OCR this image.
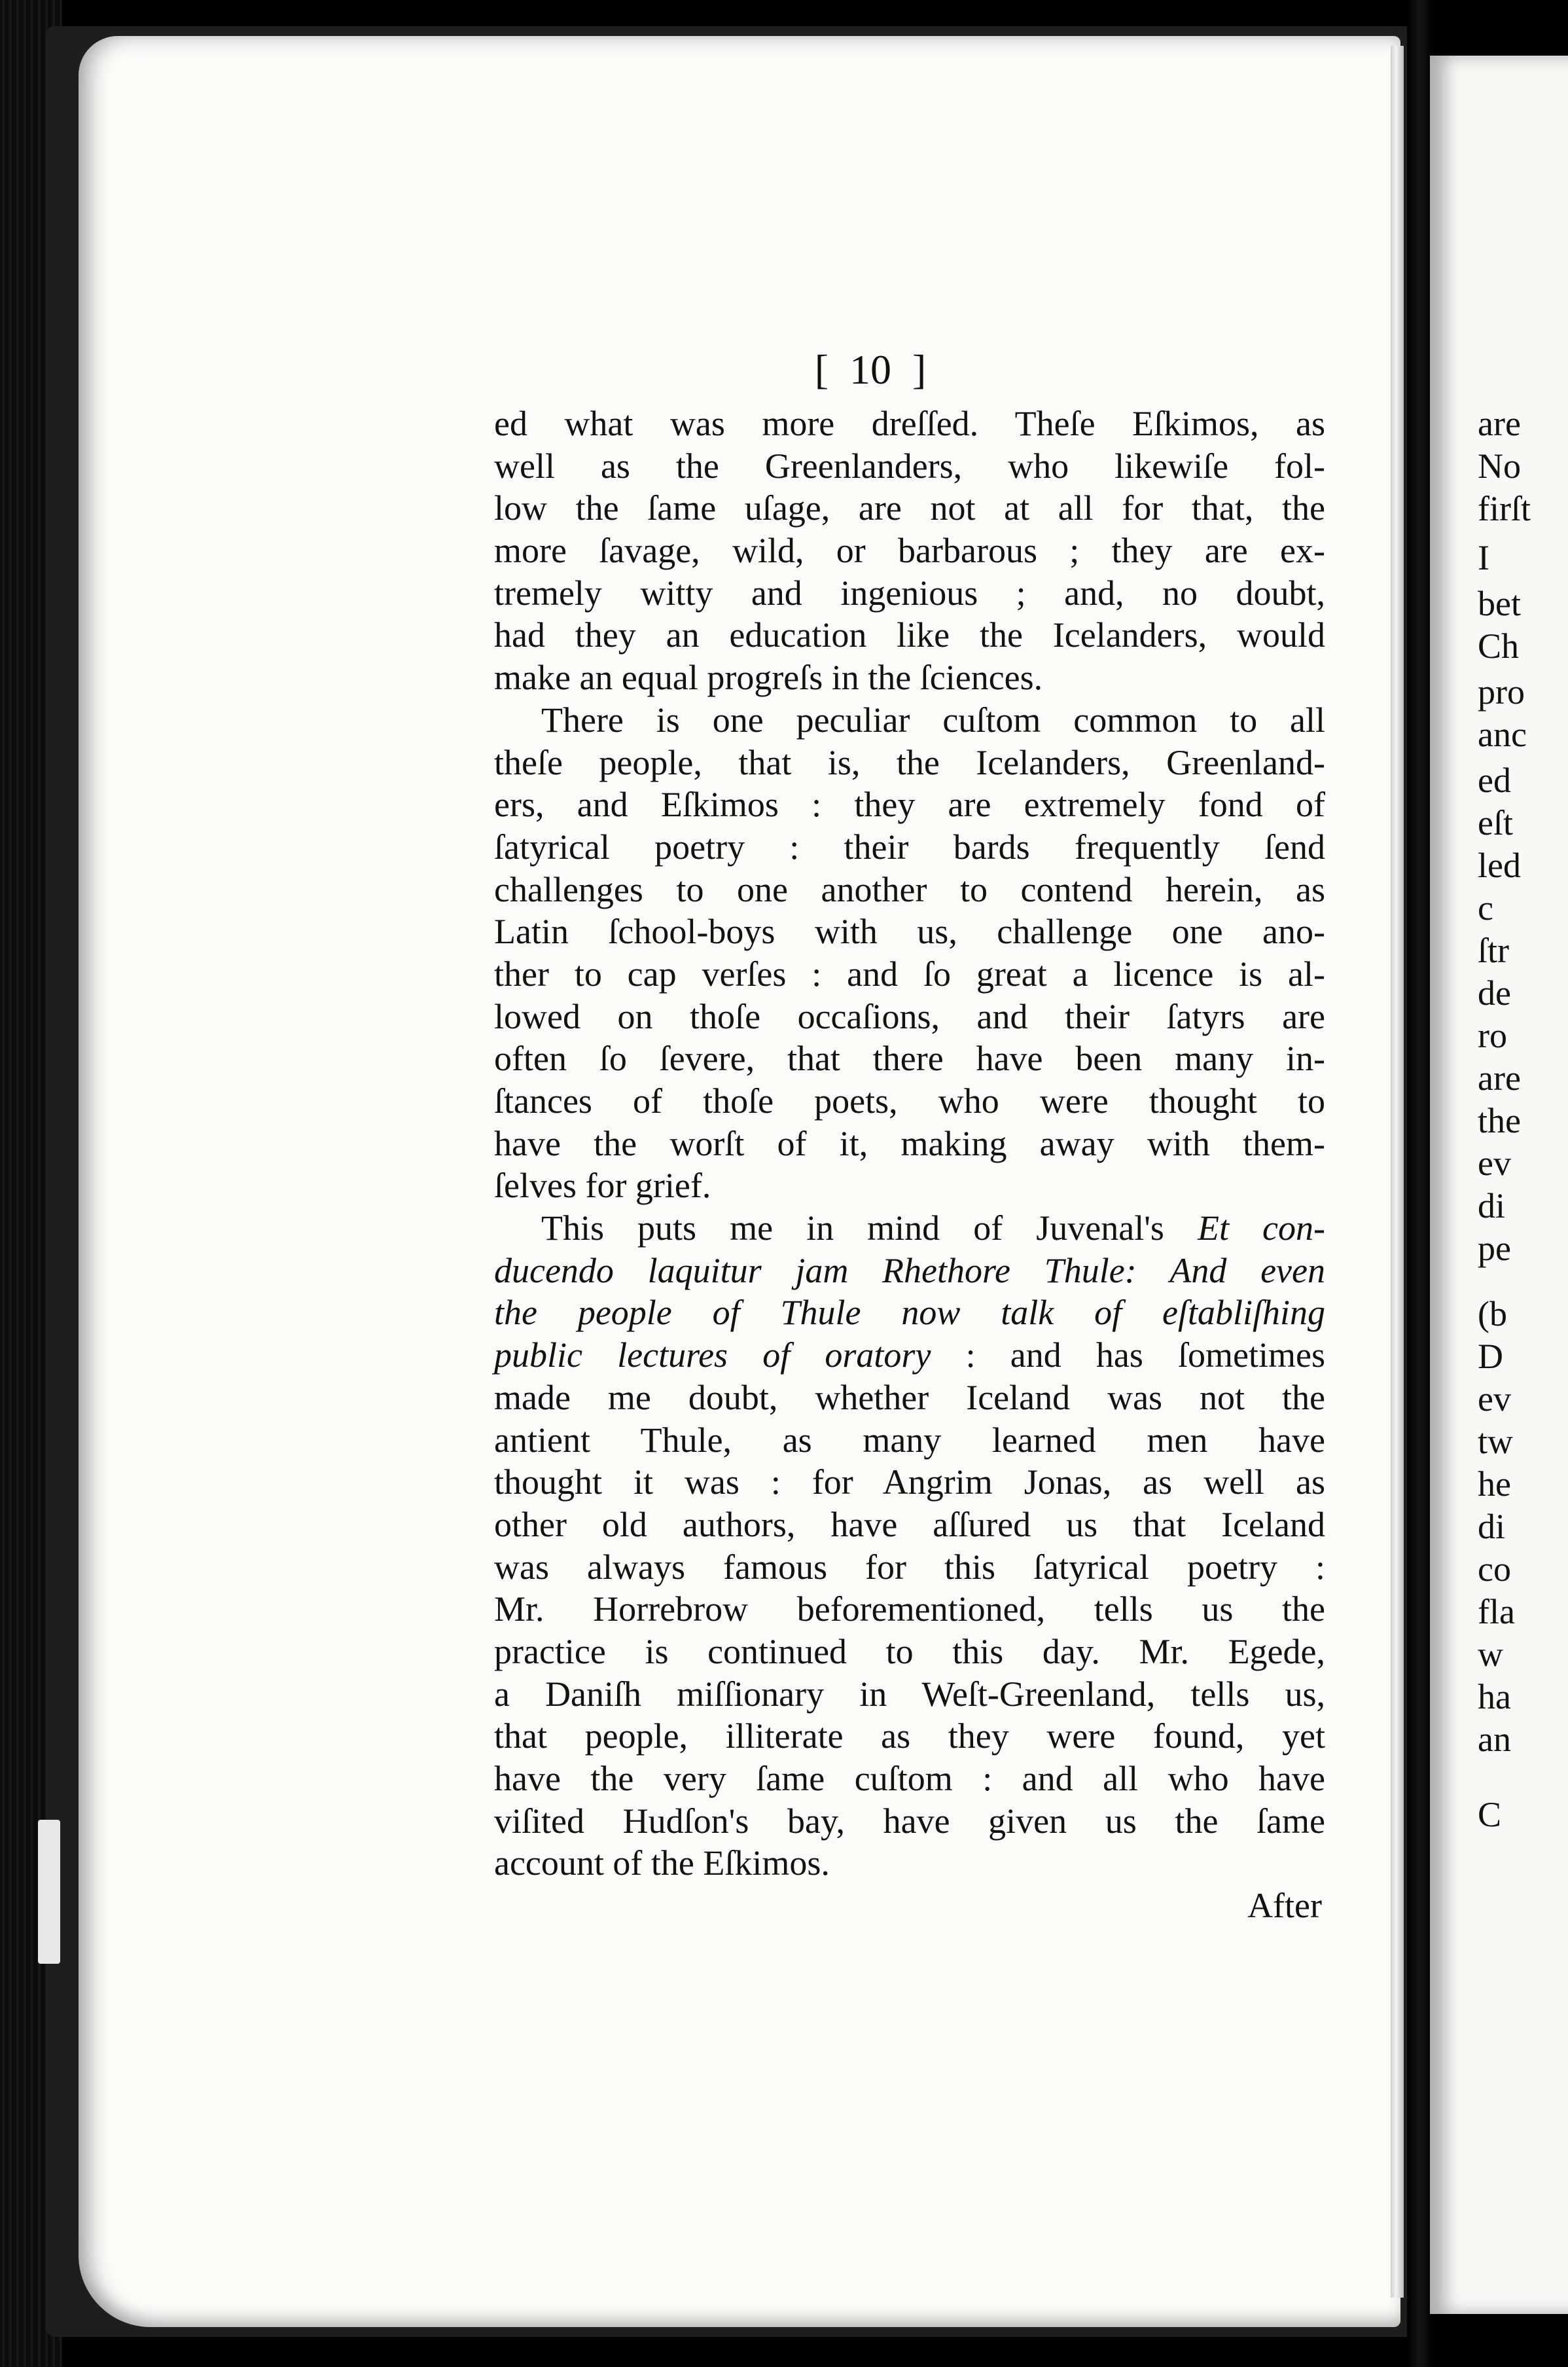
[  10  ]
ed what was more dreſſed. Theſe Eſkimos, as
well as the Greenlanders, who likewiſe fol-
low the ſame uſage, are not at all for that, the
more ſavage, wild, or barbarous ; they are ex-
tremely witty and ingenious ; and, no doubt,
had they an education like the Icelanders, would
make an equal progreſs in the ſciences.
There is one peculiar cuſtom common to all
theſe people, that is, the Icelanders, Greenland-
ers, and Eſkimos : they are extremely fond of
ſatyrical poetry : their bards frequently ſend
challenges to one another to contend herein, as
Latin ſchool-boys with us, challenge one ano-
ther to cap verſes : and ſo great a licence is al-
lowed on thoſe occaſions, and their ſatyrs are
often ſo ſevere, that there have been many in-
ſtances of thoſe poets, who were thought to
have the worſt of it, making away with them-
ſelves for grief.
This puts me in mind of Juvenal's Et con-
ducendo laquitur jam Rhethore Thule: And even
the people of Thule now talk of eſtabliſhing
public lectures of oratory : and has ſometimes
made me doubt, whether Iceland was not the
antient Thule, as many learned men have
thought it was : for Angrim Jonas, as well as
other old authors, have aſſured us that Iceland
was always famous for this ſatyrical poetry :
Mr. Horrebrow beforementioned, tells us the
practice is continued to this day. Mr. Egede,
a Daniſh miſſionary in Weſt-Greenland, tells us,
that people, illiterate as they were found, yet
have the very ſame cuſtom : and all who have
viſited Hudſon's bay, have given us the ſame
account of the Eſkimos.
After
are
No
firſt
I
bet
Ch
pro
anc
ed
eſt
led
c
ſtr
de
ro
are
the
ev
di
pe
(b
D
ev
tw
he
di
co
fla
w
ha
an
C
